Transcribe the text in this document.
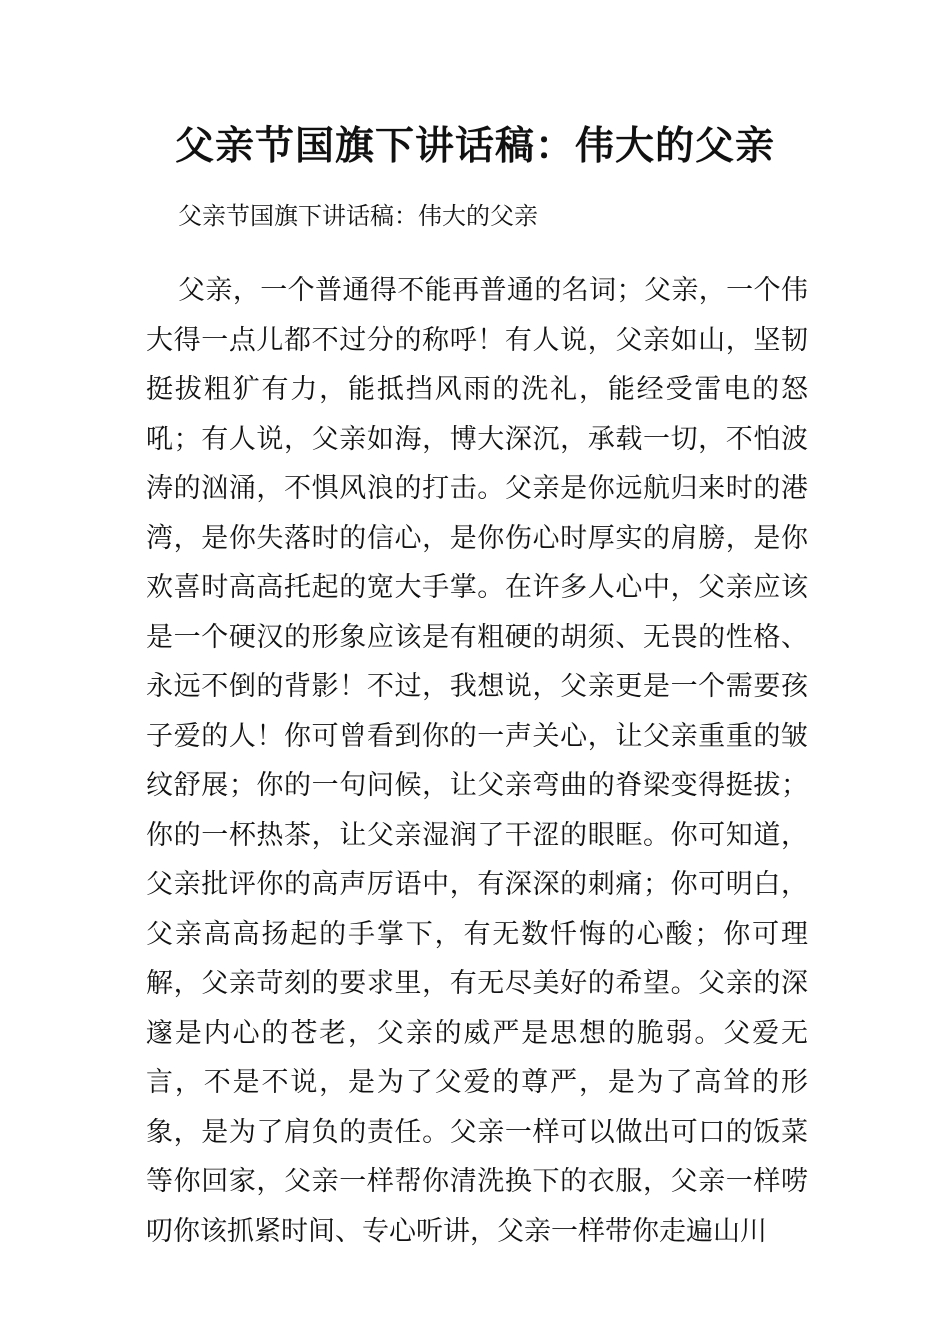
父亲节国旗下讲话稿：伟大的父亲

父亲节国旗下讲话稿：伟大的父亲

父亲，一个普通得不能再普通的名词；父亲，一个伟大得一点儿都不过分的称呼！有人说，父亲如山，坚韧挺拔粗犷有力，能抵挡风雨的洗礼，能经受雷电的怒吼；有人说，父亲如海，博大深沉，承载一切，不怕波涛的汹涌，不惧风浪的打击。父亲是你远航归来时的港湾，是你失落时的信心，是你伤心时厚实的肩膀，是你欢喜时高高托起的宽大手掌。在许多人心中，父亲应该是一个硬汉的形象应该是有粗硬的胡须、无畏的性格、永远不倒的背影！不过，我想说，父亲更是一个需要孩子爱的人！你可曾看到你的一声关心，让父亲重重的皱纹舒展；你的一句问候，让父亲弯曲的脊梁变得挺拔；你的一杯热茶，让父亲湿润了干涩的眼眶。你可知道，父亲批评你的高声厉语中，有深深的刺痛；你可明白，父亲高高扬起的手掌下，有无数忏悔的心酸；你可理解，父亲苛刻的要求里，有无尽美好的希望。父亲的深邃是内心的苍老，父亲的威严是思想的脆弱。父爱无言，不是不说，是为了父爱的尊严，是为了高耸的形象，是为了肩负的责任。父亲一样可以做出可口的饭菜等你回家，父亲一样帮你清洗换下的衣服，父亲一样唠叨你该抓紧时间、专心听讲，父亲一样带你走遍山川
